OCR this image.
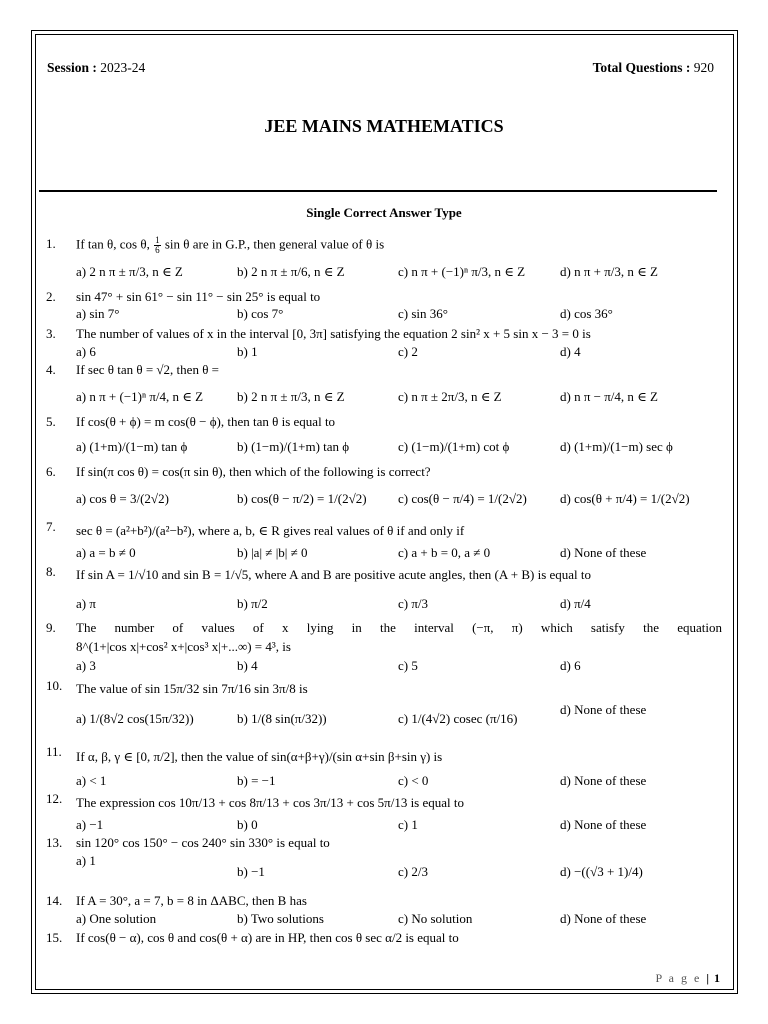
Session : 2023-24	Total Questions : 920
JEE MAINS MATHEMATICS
Single Correct Answer Type
1. If tan θ, cos θ, $\frac{1}{6}$ sin θ are in G.P., then general value of θ is
a) 2 n π ± π/3, n ∈ Z	b) 2 n π ± π/6, n ∈ Z	c) n π + (−1)ⁿ π/3, n ∈ Z	d) n π + π/3, n ∈ Z
2. sin 47° + sin 61° − sin 11° − sin 25° is equal to
a) sin 7°	b) cos 7°	c) sin 36°	d) cos 36°
3. The number of values of x in the interval [0, 3π] satisfying the equation 2 sin² x + 5 sin x − 3 = 0 is
a) 6	b) 1	c) 2	d) 4
4. If sec θ tan θ = √2, then θ =
a) n π + (−1)ⁿ π/4, n ∈ Z	b) 2 n π ± π/3, n ∈ Z	c) n π ± 2π/3, n ∈ Z	d) n π − π/4, n ∈ Z
5. If cos(θ + ϕ) = m cos(θ − ϕ), then tan θ is equal to
a) (1+m)/(1−m) tan ϕ	b) (1−m)/(1+m) tan ϕ	c) (1−m)/(1+m) cot ϕ	d) (1+m)/(1−m) sec ϕ
6. If sin(π cos θ) = cos(π sin θ), then which of the following is correct?
a) cos θ = 3/(2√2)	b) cos(θ − π/2) = 1/(2√2) c) cos(θ − π/4) = 1/(2√2)	d) cos(θ + π/4) = 1/(2√2)
7. sec θ = (a²+b²)/(a²−b²), where a, b, ∈ R gives real values of θ if and only if
a) a = b ≠ 0	b) |a| ≠ |b| ≠ 0	c) a + b = 0, a ≠ 0	d) None of these
8. If sin A = 1/√10 and sin B = 1/√5, where A and B are positive acute angles, then (A + B) is equal to
a) π	b) π/2	c) π/3	d) π/4
9. The number of values of x lying in the interval (−π, π) which satisfy the equation
8^(1+|cos x|+cos² x+|cos³ x|+...∞) = 4³, is
a) 3	b) 4	c) 5	d) 6
10. The value of sin 15π/32 sin 7π/16 sin 3π/8 is
a) 1/(8√2 cos(15π/32))	b) 1/(8 sin(π/32))	c) 1/(4√2) cosec (π/16)
d) None of these
11. If α, β, γ ∈ [0, π/2], then the value of sin(α+β+γ)/(sin α+sin β+sin γ) is
a) < 1	b) = −1	c) < 0	d) None of these
12. The expression cos 10π/13 + cos 8π/13 + cos 3π/13 + cos 5π/13 is equal to
a) −1	b) 0	c) 1	d) None of these
13. sin 120° cos 150° − cos 240° sin 330° is equal to
a) 1
b) −1	c) 2/3	d) −((√3 + 1)/4)
14. If A = 30°, a = 7, b = 8 in ΔABC, then B has
a) One solution	b) Two solutions	c) No solution	d) None of these
15. If cos(θ − α), cos θ and cos(θ + α) are in HP, then cos θ sec α/2 is equal to
P a g e | 1
